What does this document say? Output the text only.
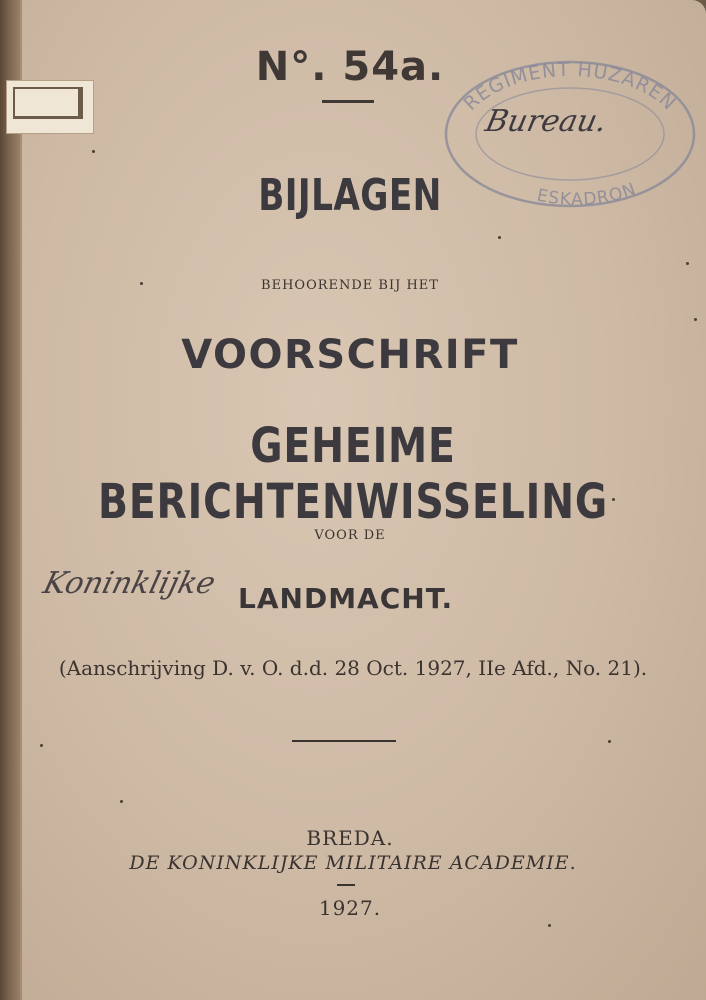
REGIMENT HUZAREN
ESKADRON
Bureau.
N°. 54a.
BIJLAGEN
BEHOORENDE BIJ HET
VOORSCHRIFT
GEHEIME BERICHTENWISSELING
VOOR DE
Koninklijke LANDMACHT.
(Aanschrijving D. v. O. d.d. 28 Oct. 1927, IIe Afd., No. 21).
BREDA.
DE KONINKLIJKE MILITAIRE ACADEMIE.
1927.
